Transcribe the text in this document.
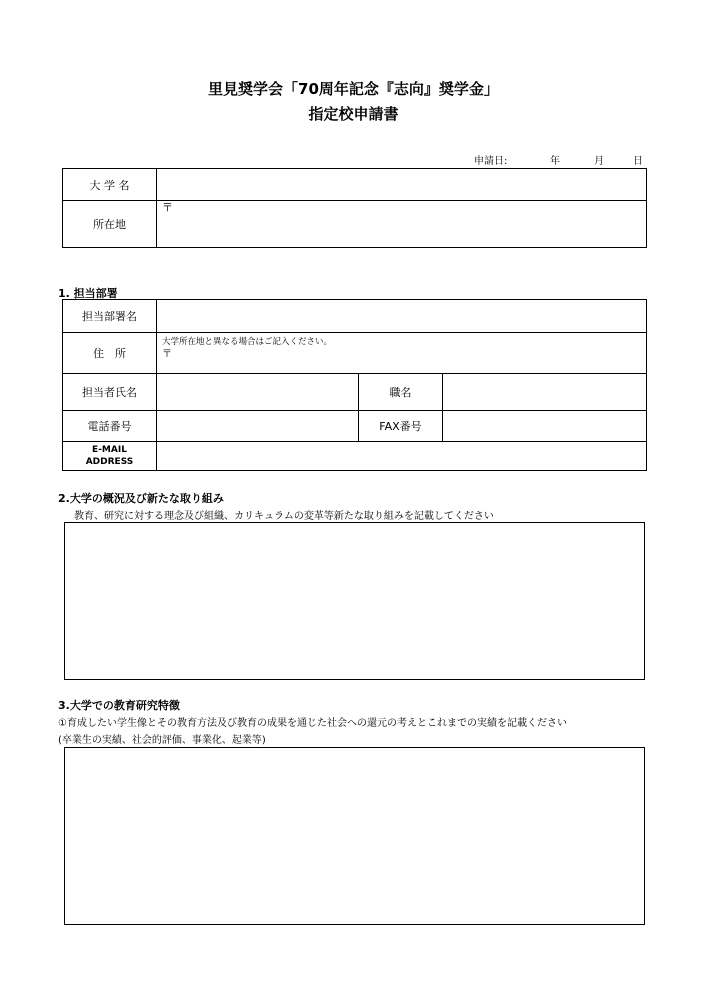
里見奨学会「70周年記念『志向』奨学金」
指定校申請書
申請日:	年	月	日
大 学 名	
所在地	〒
1. 担当部署
担当部署名			
住　所	大学所在地と異なる場合はご記入ください。
〒		

担当者氏名		職名	
電話番号		FAX番号	

E-MAIL
ADDRESS			

2.大学の概況及び新たな取り組み
教育、研究に対する理念及び組織、カリキュラムの変革等新たな取り組みを記載してください
3.大学での教育研究特徴
①育成したい学生像とその教育方法及び教育の成果を通じた社会への還元の考えとこれまでの実績を記載ください
(卒業生の実績、社会的評価、事業化、起業等)
